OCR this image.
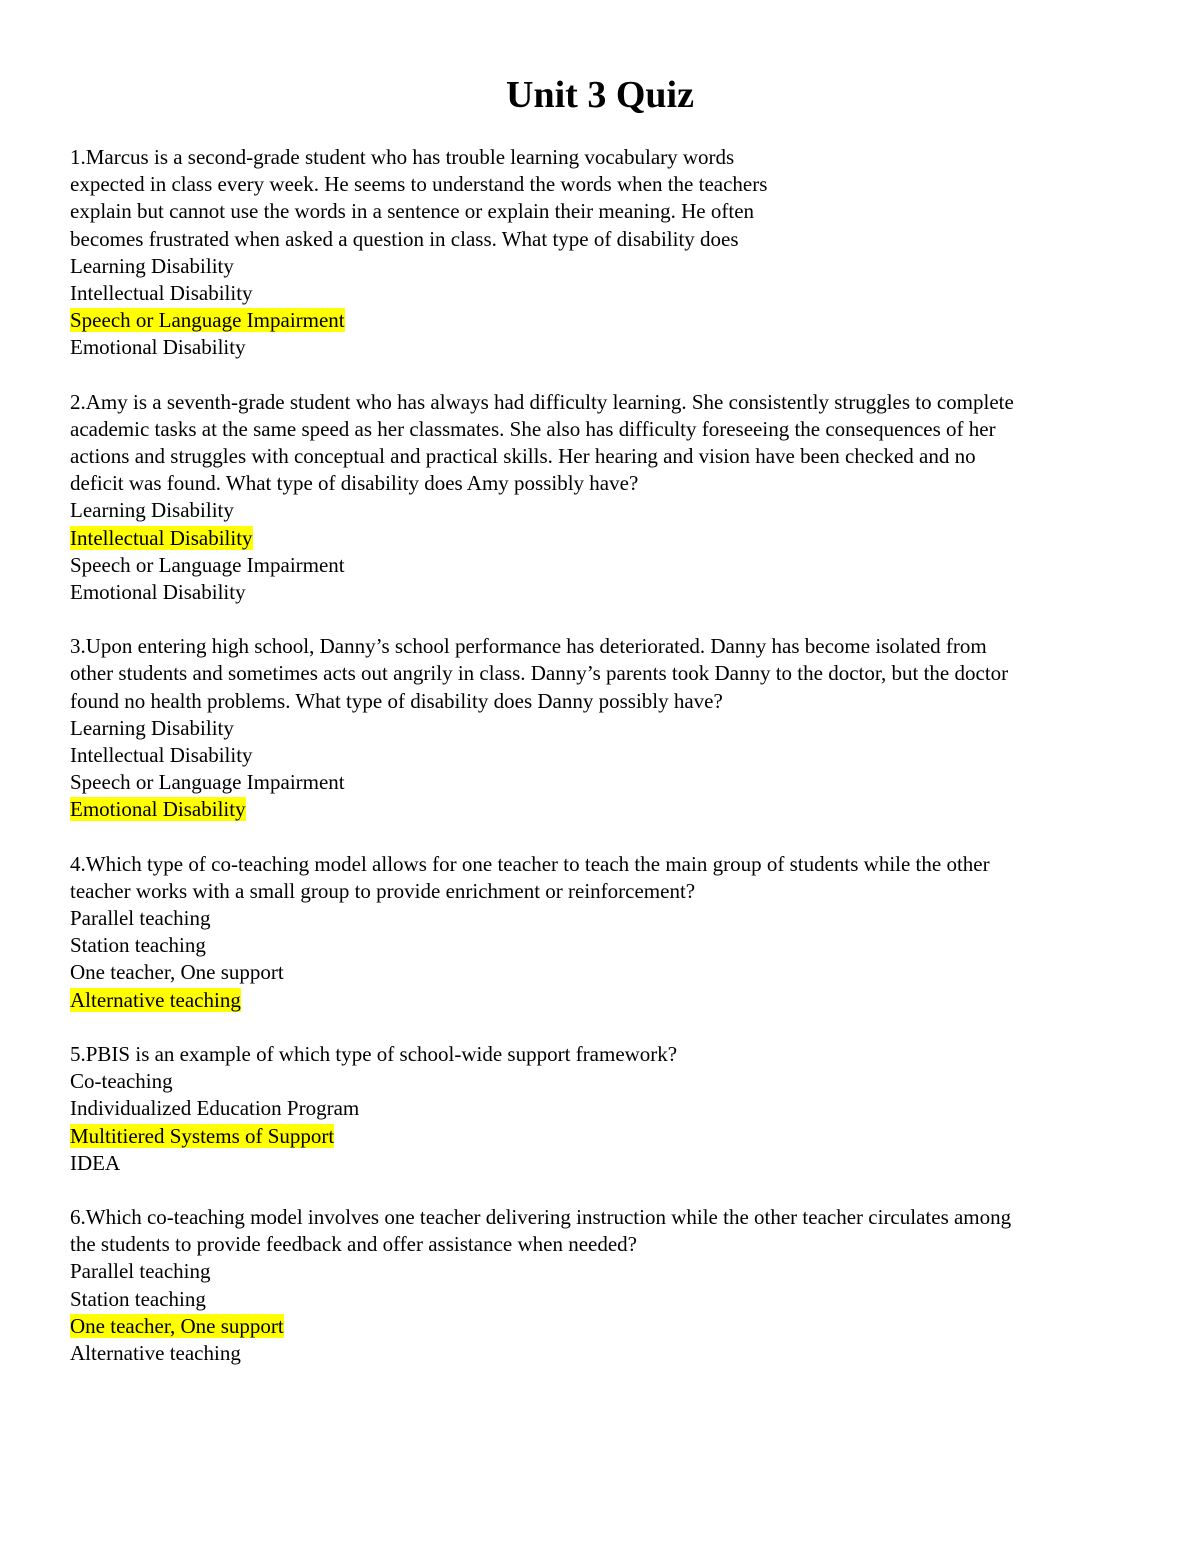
Unit 3 Quiz
1.Marcus is a second-grade student who has trouble learning vocabulary words
expected in class every week. He seems to understand the words when the teachers
explain but cannot use the words in a sentence or explain their meaning. He often
becomes frustrated when asked a question in class. What type of disability does
Learning Disability
Intellectual Disability
Speech or Language Impairment
Emotional Disability
2.Amy is a seventh-grade student who has always had difficulty learning. She consistently struggles to complete
academic tasks at the same speed as her classmates. She also has difficulty foreseeing the consequences of her
actions and struggles with conceptual and practical skills. Her hearing and vision have been checked and no
deficit was found. What type of disability does Amy possibly have?
Learning Disability
Intellectual Disability
Speech or Language Impairment
Emotional Disability
3.Upon entering high school, Danny’s school performance has deteriorated. Danny has become isolated from
other students and sometimes acts out angrily in class. Danny’s parents took Danny to the doctor, but the doctor
found no health problems. What type of disability does Danny possibly have?
Learning Disability
Intellectual Disability
Speech or Language Impairment
Emotional Disability
4.Which type of co-teaching model allows for one teacher to teach the main group of students while the other
teacher works with a small group to provide enrichment or reinforcement?
Parallel teaching
Station teaching
One teacher, One support
Alternative teaching
5.PBIS is an example of which type of school-wide support framework?
Co-teaching
Individualized Education Program
Multitiered Systems of Support
IDEA
6.Which co-teaching model involves one teacher delivering instruction while the other teacher circulates among
the students to provide feedback and offer assistance when needed?
Parallel teaching
Station teaching
One teacher, One support
Alternative teaching
